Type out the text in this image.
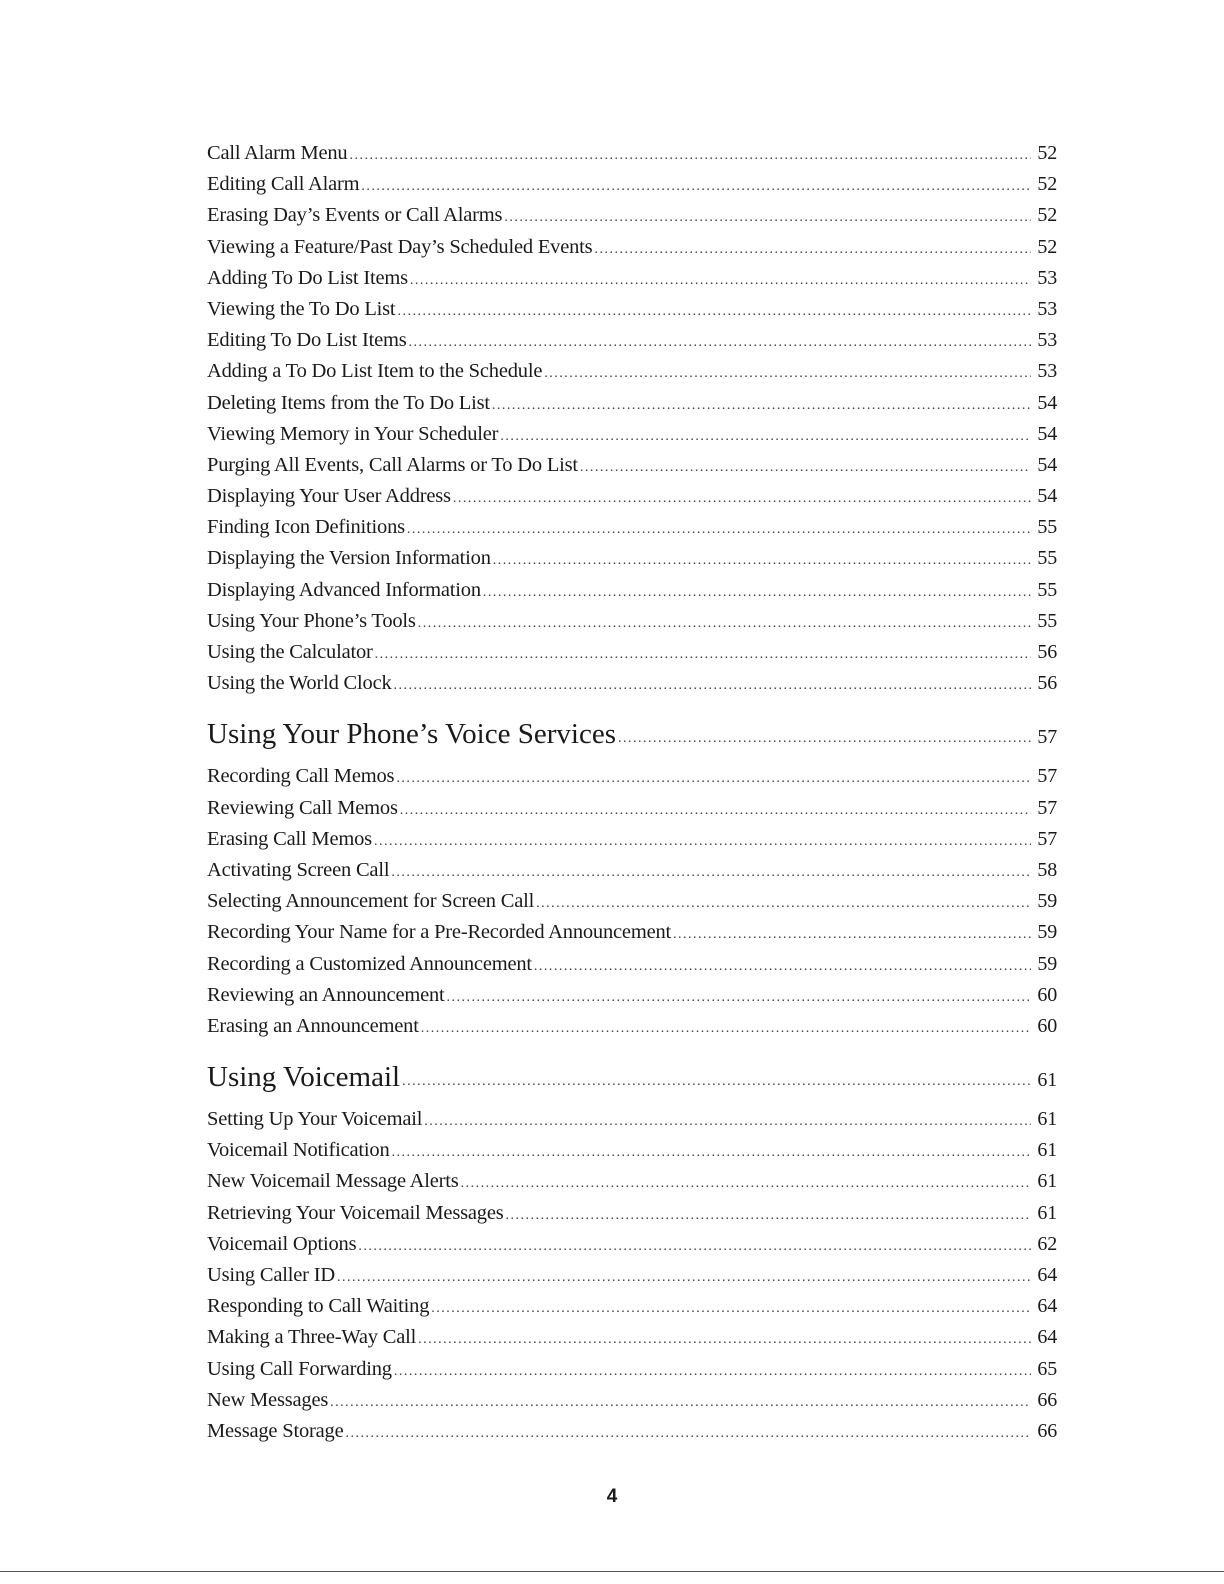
Call Alarm Menu .....	52
Editing Call Alarm .....	52
Erasing Day’s Events or Call Alarms .....	52
Viewing a Feature/Past Day’s Scheduled Events .....	52
Adding To Do List Items .....	53
Viewing the To Do List .....	53
Editing To Do List Items .....	53
Adding a To Do List Item to the Schedule .....	53
Deleting Items from the To Do List .....	54
Viewing Memory in Your Scheduler .....	54
Purging All Events, Call Alarms or To Do List .....	54
Displaying Your User Address .....	54
Finding Icon Definitions .....	55
Displaying the Version Information .....	55
Displaying Advanced Information .....	55
Using Your Phone’s Tools .....	55
Using the Calculator .....	56
Using the World Clock .....	56
Using Your Phone’s Voice Services .....	57
Recording Call Memos .....	57
Reviewing Call Memos .....	57
Erasing Call Memos .....	57
Activating Screen Call .....	58
Selecting Announcement for Screen Call .....	59
Recording Your Name for a Pre-Recorded Announcement .....	59
Recording a Customized Announcement .....	59
Reviewing an Announcement .....	60
Erasing an Announcement .....	60
Using Voicemail .....	61
Setting Up Your Voicemail .....	61
Voicemail Notification .....	61
New Voicemail Message Alerts .....	61
Retrieving Your Voicemail Messages .....	61
Voicemail Options .....	62
Using Caller ID .....	64
Responding to Call Waiting .....	64
Making a Three-Way Call .....	64
Using Call Forwarding .....	65
New Messages .....	66
Message Storage .....	66
4
